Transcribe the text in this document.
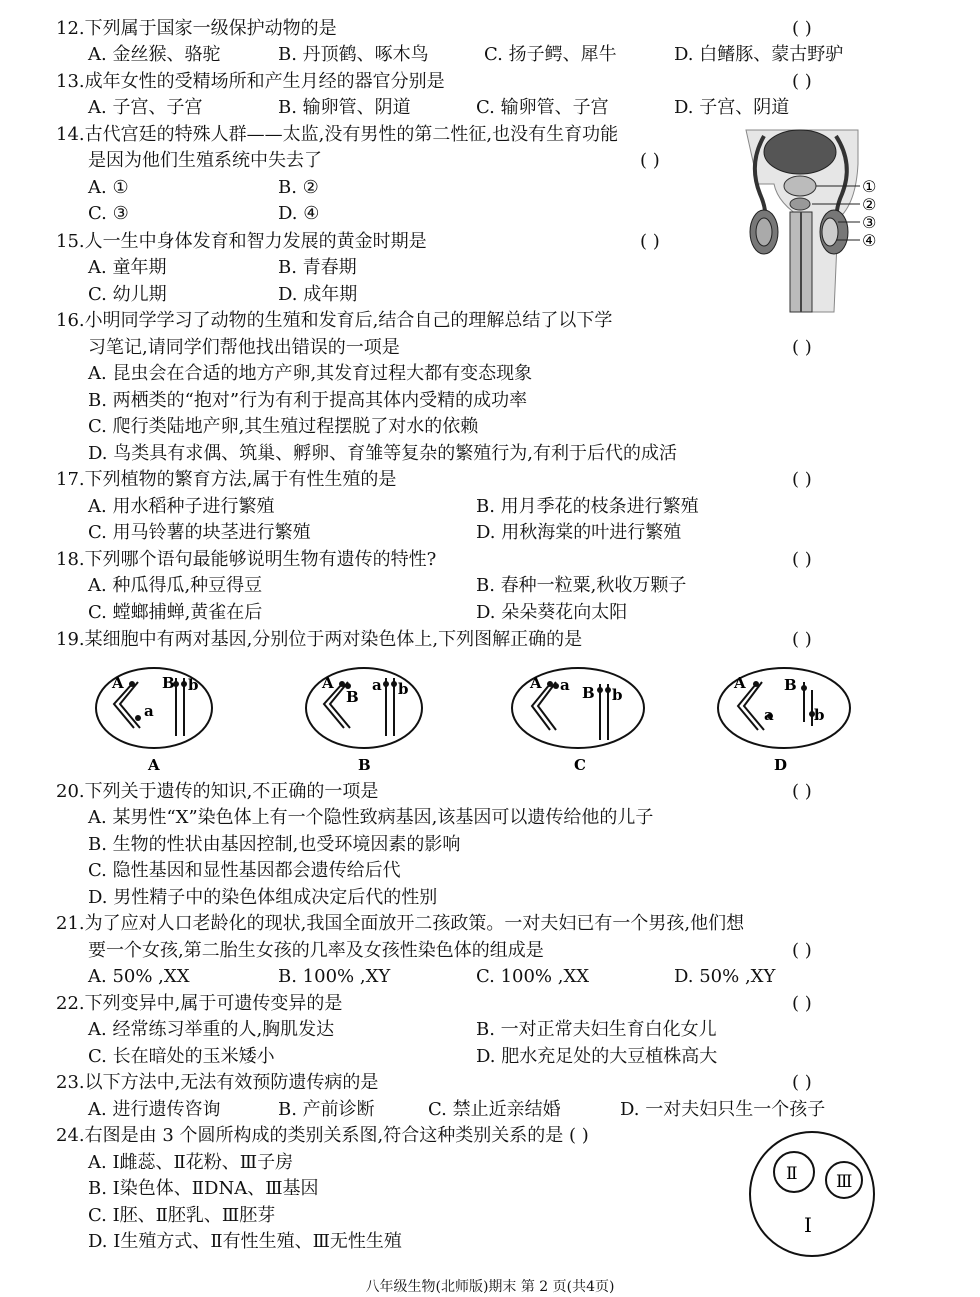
12.下列属于国家一级保护动物的是	( )
A. 金丝猴、骆驼	B. 丹顶鹤、啄木鸟	C. 扬子鳄、犀牛	D. 白鳍豚、蒙古野驴
13.成年女性的受精场所和产生月经的器官分别是	( )
A. 子宫、子宫	B. 输卵管、阴道	C. 输卵管、子宫	D. 子宫、阴道
14.古代宫廷的特殊人群——太监,没有男性的第二性征,也没有生育功能
是因为他们生殖系统中失去了	( )
A. ①	B. ②
C. ③	D. ④
①
②
③
④
15.人一生中身体发育和智力发展的黄金时期是	( )
A. 童年期	B. 青春期
C. 幼儿期	D. 成年期
16.小明同学学习了动物的生殖和发育后,结合自己的理解总结了以下学
习笔记,请同学们帮他找出错误的一项是	( )
A. 昆虫会在合适的地方产卵,其发育过程大都有变态现象
B. 两栖类的“抱对”行为有利于提高其体内受精的成功率
C. 爬行类陆地产卵,其生殖过程摆脱了对水的依赖
D. 鸟类具有求偶、筑巢、孵卵、育雏等复杂的繁殖行为,有利于后代的成活
17.下列植物的繁育方法,属于有性生殖的是	( )
A. 用水稻种子进行繁殖	B. 用月季花的枝条进行繁殖
C. 用马铃薯的块茎进行繁殖	D. 用秋海棠的叶进行繁殖
18.下列哪个语句最能够说明生物有遗传的特性?	( )
A. 种瓜得瓜,种豆得豆	B. 春种一粒粟,秋收万颗子
C. 螳螂捕蝉,黄雀在后	D. 朵朵葵花向太阳
19.某细胞中有两对基因,分别位于两对染色体上,下列图解正确的是	( )
A
a
B b
A
A
B
a b
B
A a B b
C
A
a
B
b
D
20.下列关于遗传的知识,不正确的一项是	( )
A. 某男性“X”染色体上有一个隐性致病基因,该基因可以遗传给他的儿子
B. 生物的性状由基因控制,也受环境因素的影响
C. 隐性基因和显性基因都会遗传给后代
D. 男性精子中的染色体组成决定后代的性别
21.为了应对人口老龄化的现状,我国全面放开二孩政策。一对夫妇已有一个男孩,他们想
要一个女孩,第二胎生女孩的几率及女孩性染色体的组成是	( )
A. 50% ,XX	B. 100% ,XY	C. 100% ,XX	D. 50% ,XY
22.下列变异中,属于可遗传变异的是	( )
A. 经常练习举重的人,胸肌发达	B. 一对正常夫妇生育白化女儿
C. 长在暗处的玉米矮小	D. 肥水充足处的大豆植株高大
23.以下方法中,无法有效预防遗传病的是	( )
A. 进行遗传咨询	B. 产前诊断	C. 禁止近亲结婚	D. 一对夫妇只生一个孩子
24.右图是由 3 个圆所构成的类别关系图,符合这种类别关系的是 ( )
A. Ⅰ雌蕊、Ⅱ花粉、Ⅲ子房
B. Ⅰ染色体、ⅡDNA、Ⅲ基因
C. Ⅰ胚、Ⅱ胚乳、Ⅲ胚芽
D. Ⅰ生殖方式、Ⅱ有性生殖、Ⅲ无性生殖
Ⅱ Ⅲ
Ⅰ
八年级生物(北师版)期末 第 2 页(共4页)
